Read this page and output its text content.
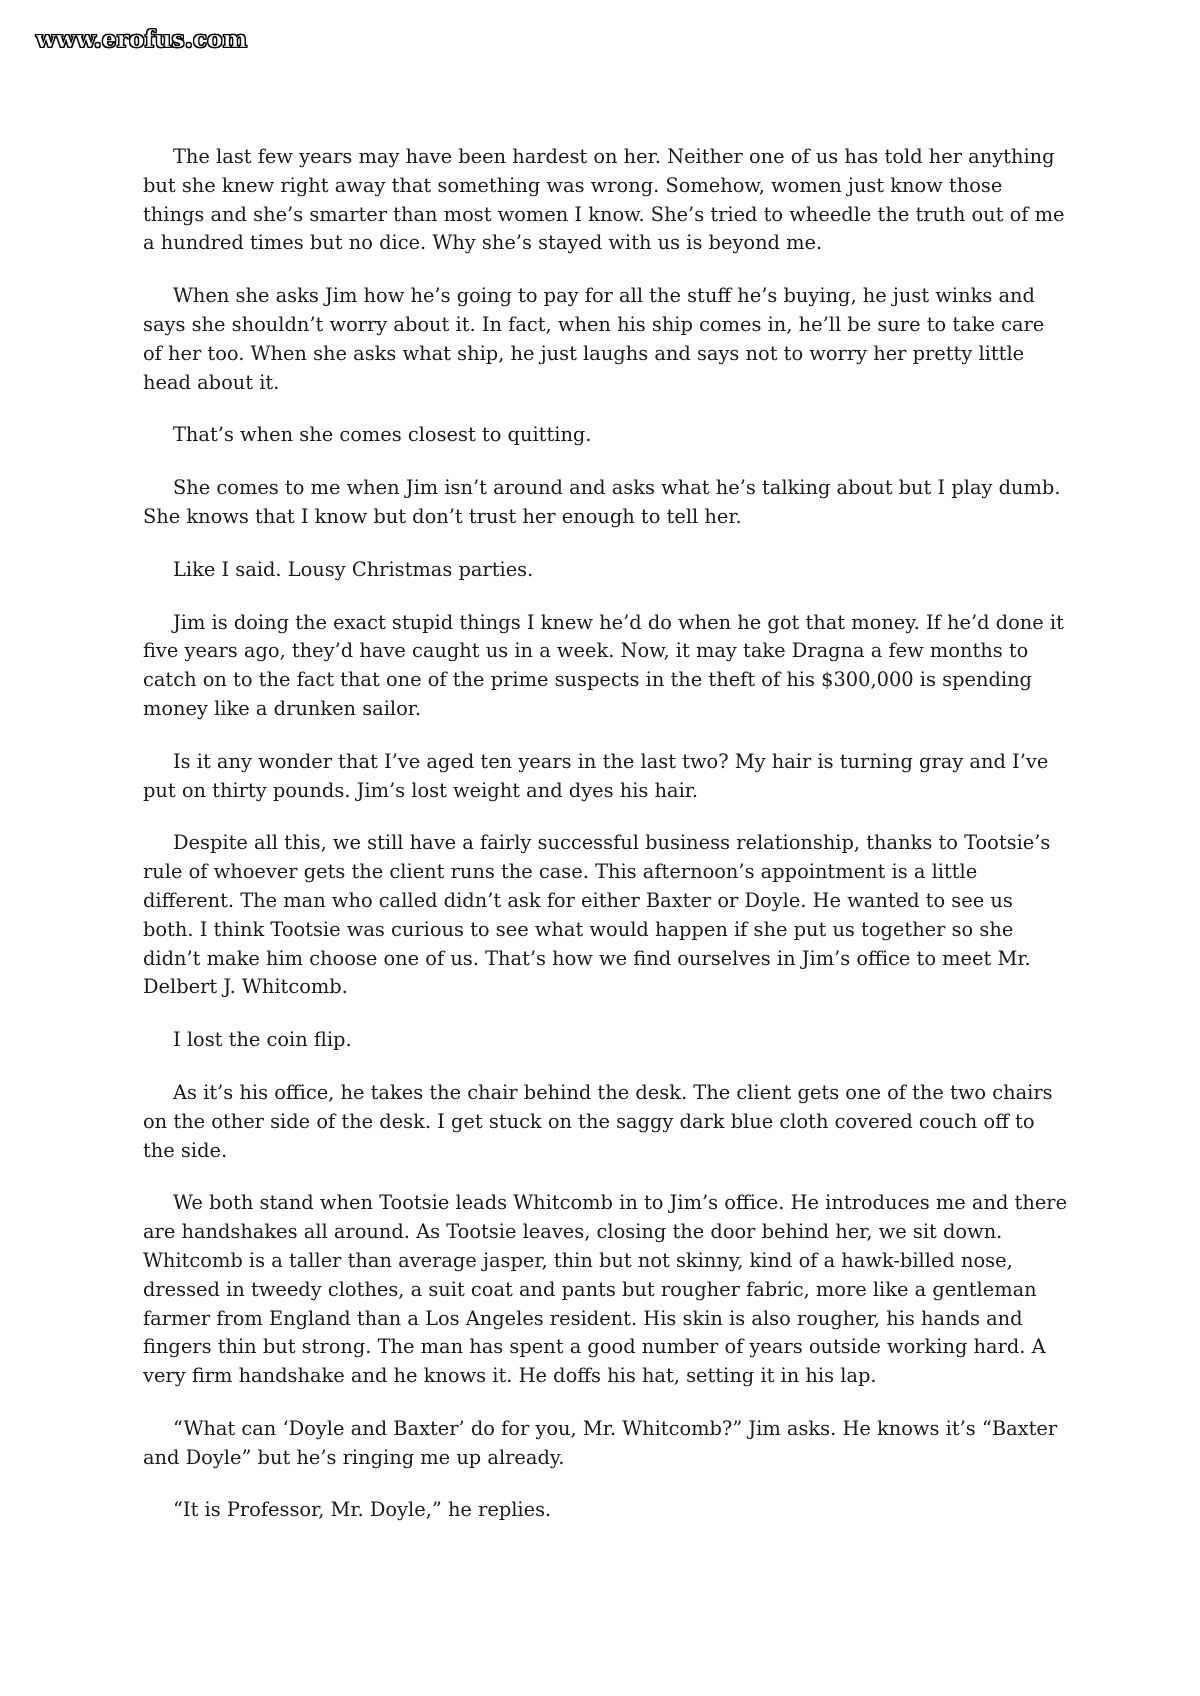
www.erofus.com

The last few years may have been hardest on her. Neither one of us has told her anything but she knew right away that something was wrong. Somehow, women just know those things and she’s smarter than most women I know. She’s tried to wheedle the truth out of me a hundred times but no dice. Why she’s stayed with us is beyond me.

When she asks Jim how he’s going to pay for all the stuff he’s buying, he just winks and says she shouldn’t worry about it. In fact, when his ship comes in, he’ll be sure to take care of her too. When she asks what ship, he just laughs and says not to worry her pretty little head about it.

That’s when she comes closest to quitting.

She comes to me when Jim isn’t around and asks what he’s talking about but I play dumb. She knows that I know but don’t trust her enough to tell her.

Like I said. Lousy Christmas parties.

Jim is doing the exact stupid things I knew he’d do when he got that money. If he’d done it five years ago, they’d have caught us in a week. Now, it may take Dragna a few months to catch on to the fact that one of the prime suspects in the theft of his $300,000 is spending money like a drunken sailor.

Is it any wonder that I’ve aged ten years in the last two? My hair is turning gray and I’ve put on thirty pounds. Jim’s lost weight and dyes his hair.

Despite all this, we still have a fairly successful business relationship, thanks to Tootsie’s rule of whoever gets the client runs the case. This afternoon’s appointment is a little different. The man who called didn’t ask for either Baxter or Doyle. He wanted to see us both. I think Tootsie was curious to see what would happen if she put us together so she didn’t make him choose one of us. That’s how we find ourselves in Jim’s office to meet Mr. Delbert J. Whitcomb.

I lost the coin flip.

As it’s his office, he takes the chair behind the desk. The client gets one of the two chairs on the other side of the desk. I get stuck on the saggy dark blue cloth covered couch off to the side.

We both stand when Tootsie leads Whitcomb in to Jim’s office. He introduces me and there are handshakes all around. As Tootsie leaves, closing the door behind her, we sit down. Whitcomb is a taller than average jasper, thin but not skinny, kind of a hawk-billed nose, dressed in tweedy clothes, a suit coat and pants but rougher fabric, more like a gentleman farmer from England than a Los Angeles resident. His skin is also rougher, his hands and fingers thin but strong. The man has spent a good number of years outside working hard. A very firm handshake and he knows it. He doffs his hat, setting it in his lap.

“What can ‘Doyle and Baxter’ do for you, Mr. Whitcomb?” Jim asks. He knows it’s “Baxter and Doyle” but he’s ringing me up already.

“It is Professor, Mr. Doyle,” he replies.
